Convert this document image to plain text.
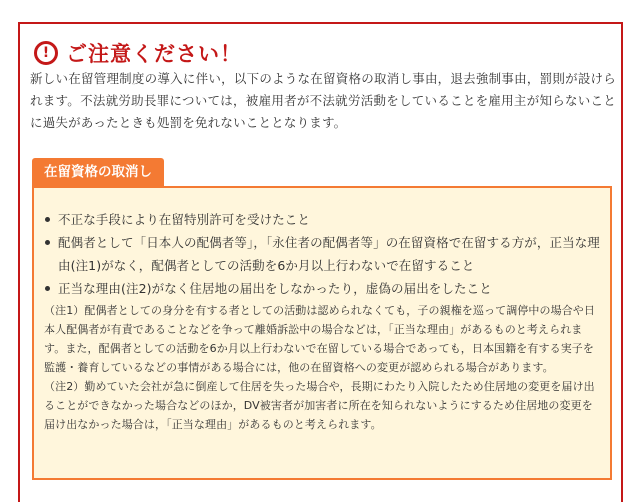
! ご注意ください！
新しい在留管理制度の導入に伴い，以下のような在留資格の取消し事由，退去強制事由，罰則が設けられます。不法就労助長罪については，被雇用者が不法就労活動をしていることを雇用主が知らないことに過失があったときも処罰を免れないこととなります。
在留資格の取消し
不正な手段により在留特別許可を受けたこと
配偶者として「日本人の配偶者等」，「永住者の配偶者等」の在留資格で在留する方が，正当な理由(注1)がなく，配偶者としての活動を6か月以上行わないで在留すること
正当な理由(注2)がなく住居地の届出をしなかったり，虚偽の届出をしたこと

（注1）配偶者としての身分を有する者としての活動は認められなくても，子の親権を巡って調停中の場合や日本人配偶者が有責であることなどを争って離婚訴訟中の場合などは，「正当な理由」があるものと考えられます。また，配偶者としての活動を6か月以上行わないで在留している場合であっても，日本国籍を有する実子を監護・養育しているなどの事情がある場合には，他の在留資格への変更が認められる場合があります。

（注2）勤めていた会社が急に倒産して住居を失った場合や，長期にわたり入院したため住居地の変更を届け出ることができなかった場合などのほか，DV被害者が加害者に所在を知られないようにするため住居地の変更を届け出なかった場合は，「正当な理由」があるものと考えられます。
